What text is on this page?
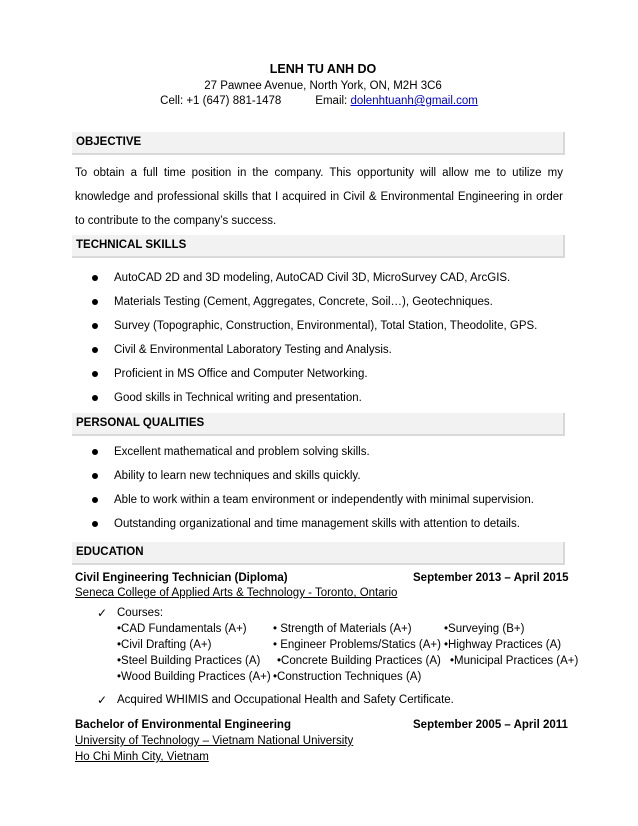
LENH TU ANH DO
27 Pawnee Avenue, North York, ON, M2H 3C6
Cell: +1 (647) 881-1478	Email: dolenhtuanh@gmail.com
OBJECTIVE
To obtain a full time position in the company. This opportunity will allow me to utilize my knowledge and professional skills that I acquired in Civil & Environmental Engineering in order to contribute to the company’s success.
TECHNICAL SKILLS
AutoCAD 2D and 3D modeling, AutoCAD Civil 3D, MicroSurvey CAD, ArcGIS.
Materials Testing (Cement, Aggregates, Concrete, Soil…), Geotechniques.
Survey (Topographic, Construction, Environmental), Total Station, Theodolite, GPS.
Civil & Environmental Laboratory Testing and Analysis.
Proficient in MS Office and Computer Networking.
Good skills in Technical writing and presentation.
PERSONAL QUALITIES
Excellent mathematical and problem solving skills.
Ability to learn new techniques and skills quickly.
Able to work within a team environment or independently with minimal supervision.
Outstanding organizational and time management skills with attention to details.
EDUCATION
Civil Engineering Technician (Diploma)	September 2013 – April 2015
Seneca College of Applied Arts & Technology - Toronto, Ontario
✓ Courses:
•CAD Fundamentals (A+) • Strength of Materials (A+)	•Surveying (B+)
•Civil Drafting (A+)	• Engineer Problems/Statics (A+) •Highway Practices (A)
•Steel Building Practices (A) •Concrete Building Practices (A) •Municipal Practices (A+)
•Wood Building Practices (A+) •Construction Techniques (A)
✓ Acquired WHIMIS and Occupational Health and Safety Certificate.
Bachelor of Environmental Engineering	September 2005 – April 2011
University of Technology – Vietnam National University
Ho Chi Minh City, Vietnam
